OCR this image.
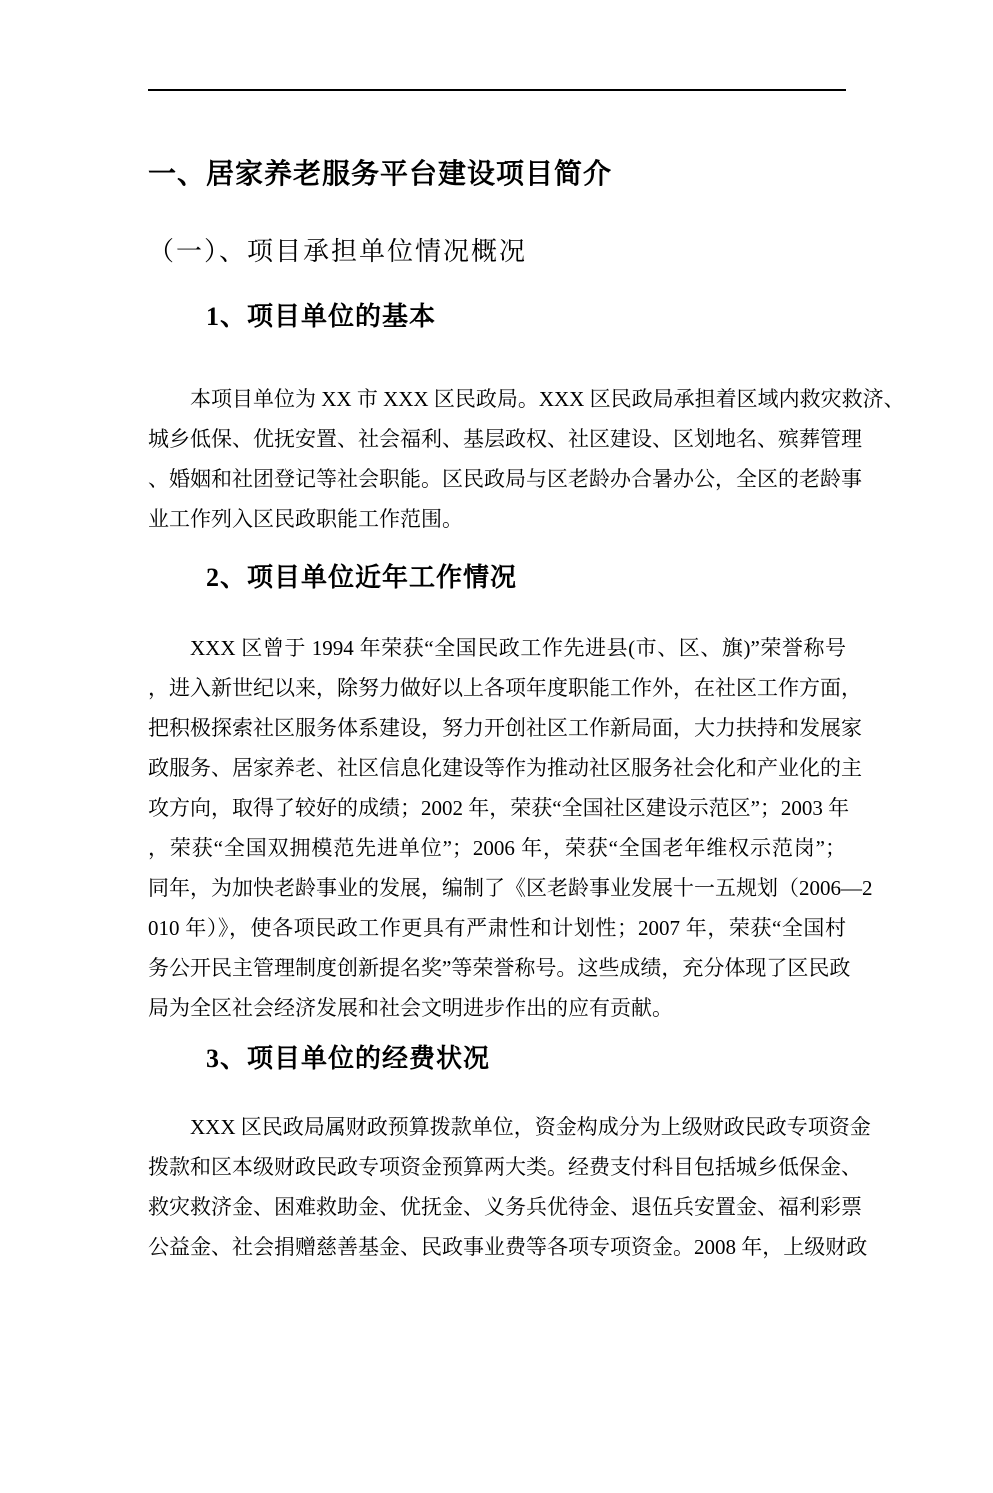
一、居家养老服务平台建设项目简介
（一）、项目承担单位情况概况
1、项目单位的基本
本项目单位为 XX 市 XXX 区民政局。XXX 区民政局承担着区域内救灾救济、
城乡低保、优抚安置、社会福利、基层政权、社区建设、区划地名、殡葬管理
、婚姻和社团登记等社会职能。区民政局与区老龄办合暑办公，全区的老龄事
业工作列入区民政职能工作范围。
2、项目单位近年工作情况
XXX 区曾于 1994 年荣获“全国民政工作先进县(市、区、旗)”荣誉称号
，进入新世纪以来，除努力做好以上各项年度职能工作外，在社区工作方面，
把积极探索社区服务体系建设，努力开创社区工作新局面，大力扶持和发展家
政服务、居家养老、社区信息化建设等作为推动社区服务社会化和产业化的主
攻方向，取得了较好的成绩；2002 年，荣获“全国社区建设示范区”；2003 年
，荣获“全国双拥模范先进单位”；2006 年，荣获“全国老年维权示范岗”；
同年，为加快老龄事业的发展，编制了《区老龄事业发展十一五规划（2006—2
010 年）》，使各项民政工作更具有严肃性和计划性；2007 年，荣获“全国村
务公开民主管理制度创新提名奖”等荣誉称号。这些成绩，充分体现了区民政
局为全区社会经济发展和社会文明进步作出的应有贡献。
3、项目单位的经费状况
XXX 区民政局属财政预算拨款单位，资金构成分为上级财政民政专项资金
拨款和区本级财政民政专项资金预算两大类。经费支付科目包括城乡低保金、
救灾救济金、困难救助金、优抚金、义务兵优待金、退伍兵安置金、福利彩票
公益金、社会捐赠慈善基金、民政事业费等各项专项资金。2008 年，上级财政
